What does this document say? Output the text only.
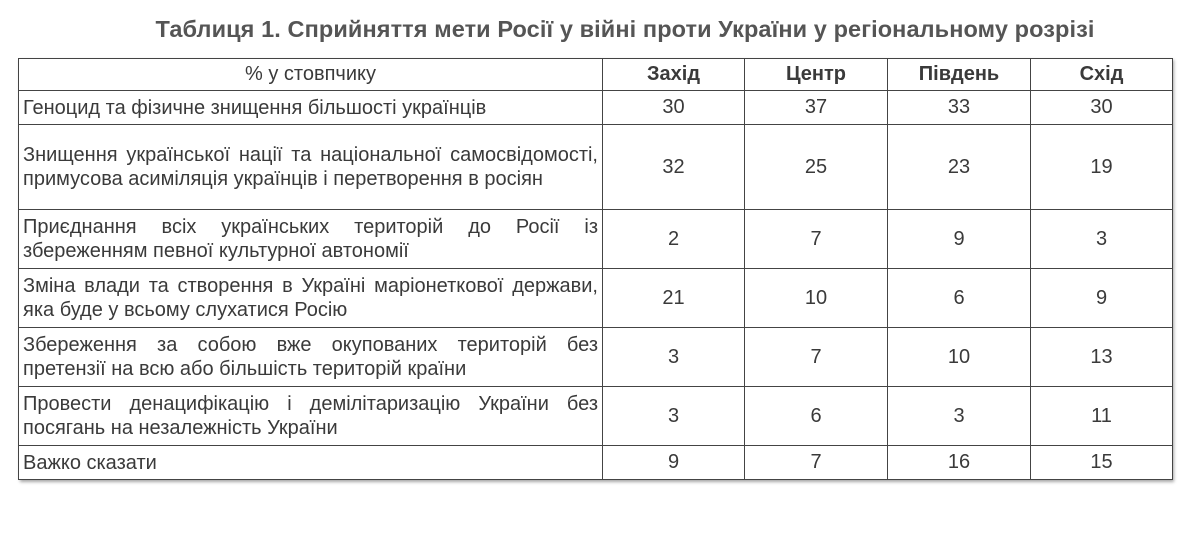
Таблиця 1. Сприйняття мети Росії у війні проти України у регіональному розрізі
% у стовпчику	Захід	Центр	Південь	Схід
Геноцид та фізичне знищення більшості українців	30	37	33	30
Знищення української нації та національної самосвідомості, примусова асиміляція українців і перетворення в росіян	32	25	23	19
Приєднання всіх українських територій до Росії із збереженням певної культурної автономії	2	7	9	3
Зміна влади та створення в Україні маріонеткової держави, яка буде у всьому слухатися Росію	21	10	6	9
Збереження за собою вже окупованих територій без претензії на всю або більшість територій країни	3	7	10	13
Провести денацифікацію і демілітаризацію України без посягань на незалежність України	3	6	3	11
Важко сказати	9	7	16	15
